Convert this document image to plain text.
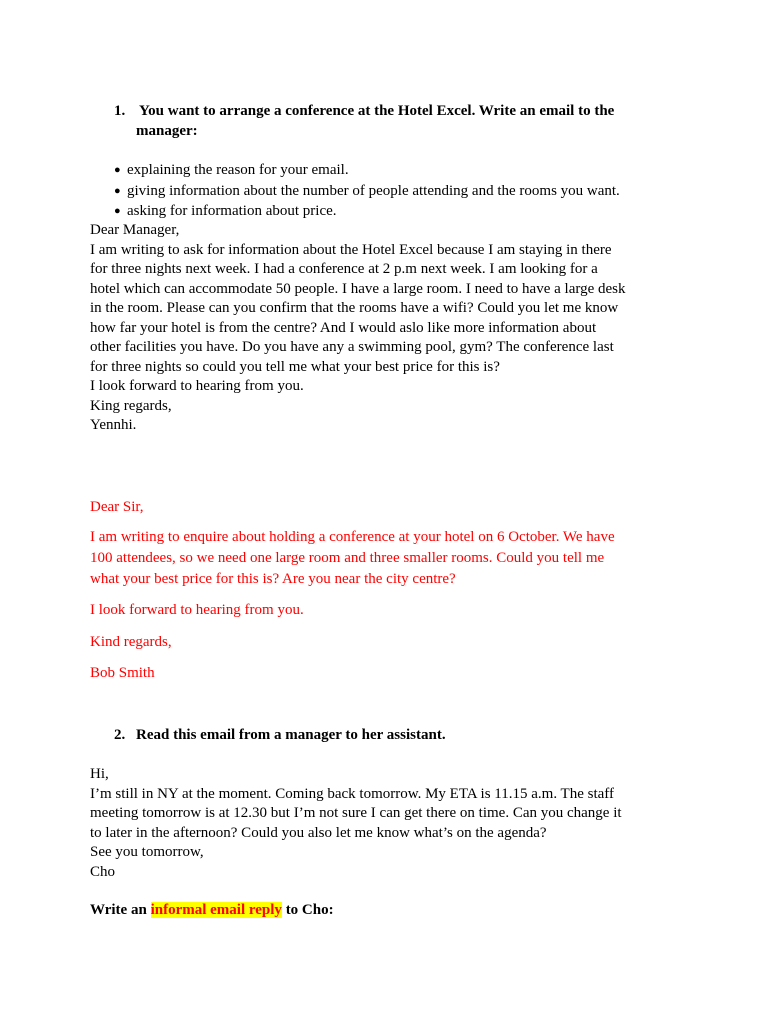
1. You want to arrange a conference at the Hotel Excel. Write an email to the
manager:
● explaining the reason for your email.
● giving information about the number of people attending and the rooms you want.
● asking for information about price.
Dear Manager,
I am writing to ask for information about the Hotel Excel because I am staying in there
for three nights next week. I had a conference at 2 p.m next week. I am looking for a
hotel which can accommodate 50 people. I have a large room. I need to have a large desk
in the room. Please can you confirm that the rooms have a wifi? Could you let me know
how far your hotel is from the centre? And I would aslo like more information about
other facilities you have. Do you have any a swimming pool, gym? The conference last
for three nights so could you tell me what your best price for this is?
I look forward to hearing from you.
King regards,
Yennhi.
Dear Sir,
I am writing to enquire about holding a conference at your hotel on 6 October. We have
100 attendees, so we need one large room and three smaller rooms. Could you tell me
what your best price for this is? Are you near the city centre?
I look forward to hearing from you.
Kind regards,
Bob Smith
2. Read this email from a manager to her assistant.
Hi,
I’m still in NY at the moment. Coming back tomorrow. My ETA is 11.15 a.m. The staff
meeting tomorrow is at 12.30 but I’m not sure I can get there on time. Can you change it
to later in the afternoon? Could you also let me know what’s on the agenda?
See you tomorrow,
Cho
Write an informal email reply to Cho:
